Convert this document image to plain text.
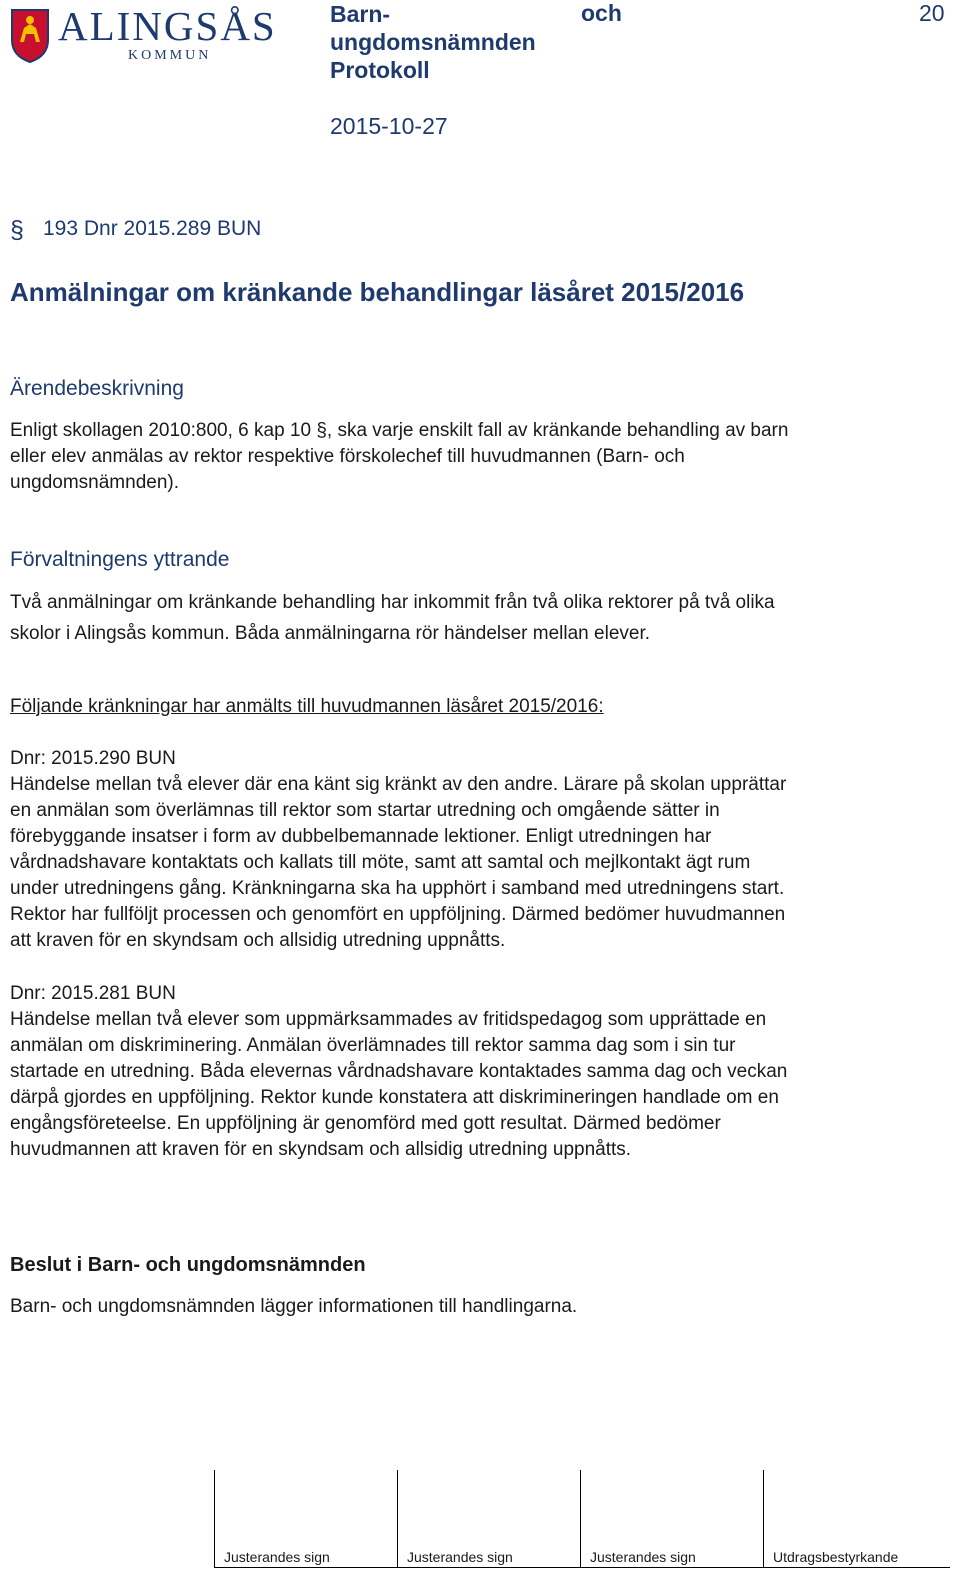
ALINGSÅS
KOMMUN
Barn-
ungdomsnämnden
Protokoll
och	20
2015-10-27
§ 193 Dnr 2015.289 BUN
Anmälningar om kränkande behandlingar läsåret 2015/2016
Ärendebeskrivning
Enligt skollagen 2010:800, 6 kap 10 §, ska varje enskilt fall av kränkande behandling av barn
eller elev anmälas av rektor respektive förskolechef till huvudmannen (Barn- och
ungdomsnämnden).
Förvaltningens yttrande
Två anmälningar om kränkande behandling har inkommit från två olika rektorer på två olika
skolor i Alingsås kommun. Båda anmälningarna rör händelser mellan elever.
Följande kränkningar har anmälts till huvudmannen läsåret 2015/2016:
Dnr: 2015.290 BUN
Händelse mellan två elever där ena känt sig kränkt av den andre. Lärare på skolan upprättar
en anmälan som överlämnas till rektor som startar utredning och omgående sätter in
förebyggande insatser i form av dubbelbemannade lektioner. Enligt utredningen har
vårdnadshavare kontaktats och kallats till möte, samt att samtal och mejlkontakt ägt rum
under utredningens gång. Kränkningarna ska ha upphört i samband med utredningens start.
Rektor har fullföljt processen och genomfört en uppföljning. Därmed bedömer huvudmannen
att kraven för en skyndsam och allsidig utredning uppnåtts.
Dnr: 2015.281 BUN
Händelse mellan två elever som uppmärksammades av fritidspedagog som upprättade en
anmälan om diskriminering. Anmälan överlämnades till rektor samma dag som i sin tur
startade en utredning. Båda elevernas vårdnadshavare kontaktades samma dag och veckan
därpå gjordes en uppföljning. Rektor kunde konstatera att diskrimineringen handlade om en
engångsföreteelse. En uppföljning är genomförd med gott resultat. Därmed bedömer
huvudmannen att kraven för en skyndsam och allsidig utredning uppnåtts.
Beslut i Barn- och ungdomsnämnden
Barn- och ungdomsnämnden lägger informationen till handlingarna.
Justerandes sign	Justerandes sign	Justerandes sign	Utdragsbestyrkande
